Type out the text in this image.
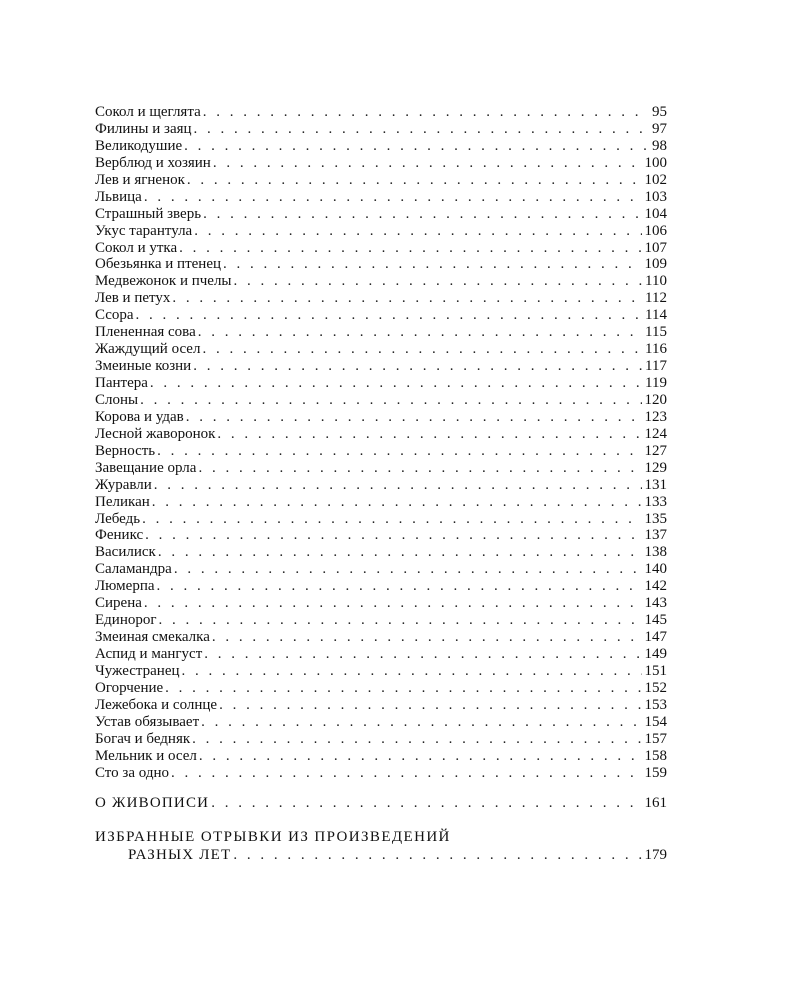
Сокол и щеглята . . .	95
Филины и заяц . . .	97
Великодушие . . .	98
Верблюд и хозяин . . .	100
Лев и ягненок . . .	102
Львица . . .	103
Страшный зверь . . .	104
Укус тарантула . . .	106
Сокол и утка . . .	107
Обезьянка и птенец . . .	109
Медвежонок и пчелы . . .	110
Лев и петух . . .	112
Ссора . . .	114
Плененная сова . . .	115
Жаждущий осел . . .	116
Змеиные козни . . .	117
Пантера . . .	119
Слоны . . .	120
Корова и удав . . .	123
Лесной жаворонок . . .	124
Верность . . .	127
Завещание орла . . .	129
Журавли . . .	131
Пеликан . . .	133
Лебедь . . .	135
Феникс . . .	137
Василиск . . .	138
Саламандра . . .	140
Люмерпа . . .	142
Сирена . . .	143
Единорог . . .	145
Змеиная смекалка . . .	147
Аспид и мангуст . . .	149
Чужестранец . . .	151
Огорчение . . .	152
Лежебока и солнце . . .	153
Устав обязывает . . .	154
Богач и бедняк . . .	157
Мельник и осел . . .	158
Сто за одно . . .	159
О ЖИВОПИСИ . . .	161
ИЗБРАННЫЕ ОТРЫВКИ ИЗ ПРОИЗВЕДЕНИЙ
РАЗНЫХ ЛЕТ . . .	179
